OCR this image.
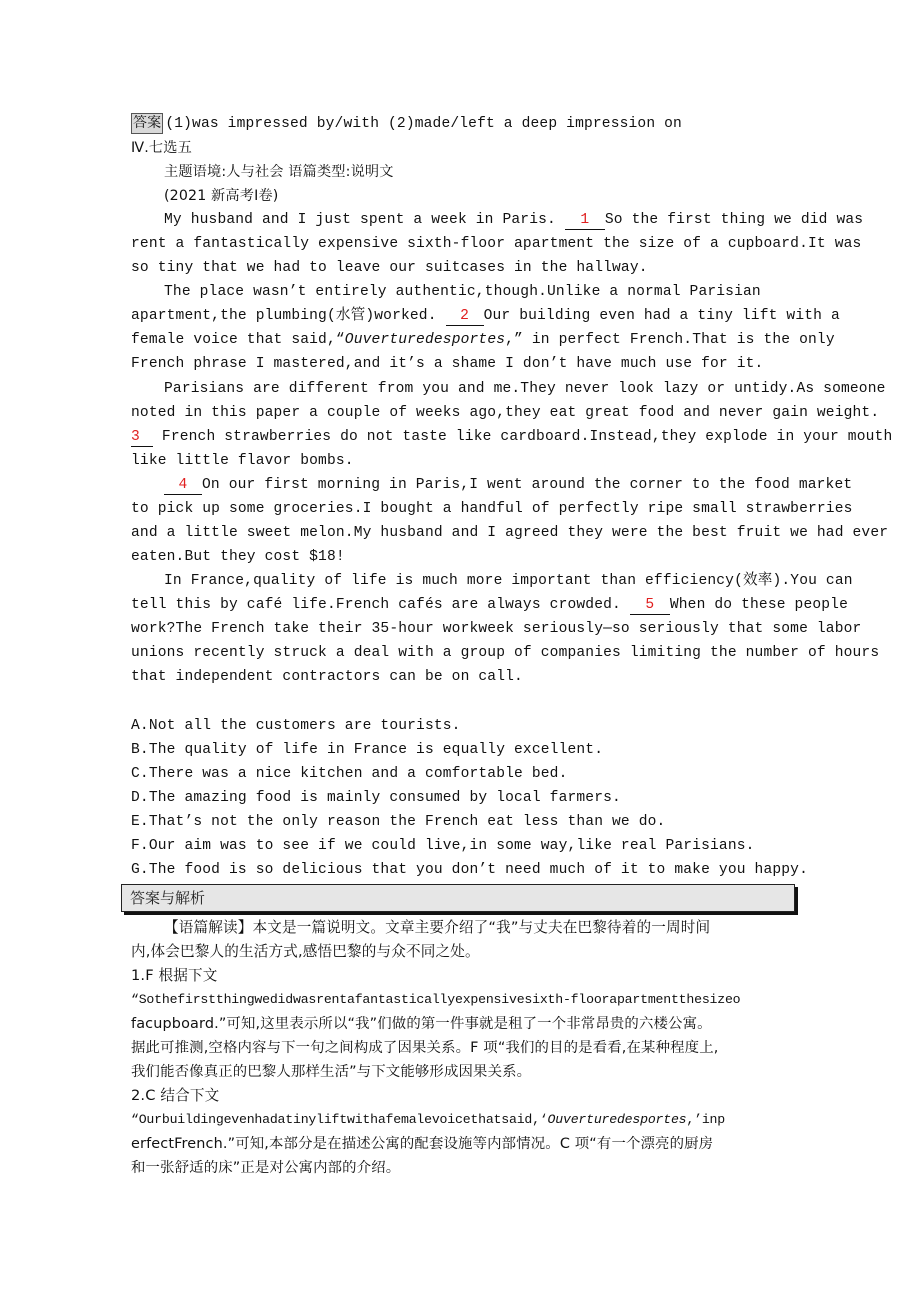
答案 (1)was impressed by/with (2)made/left a deep impression on
Ⅳ.七选五
主题语境:人与社会 语篇类型:说明文
(2021 新高考Ⅰ卷)
My husband and I just spent a week in Paris. 1 So the first thing we did was
rent a fantastically expensive sixth-floor apartment the size of a cupboard.It was
so tiny that we had to leave our suitcases in the hallway.
The place wasn’t entirely authentic,though.Unlike a normal Parisian
apartment,the plumbing(水管)worked. 2 Our building even had a tiny lift with a
female voice that said,“Ouverturedesportes,” in perfect French.That is the only
French phrase I mastered,and it’s a shame I don’t have much use for it.
Parisians are different from you and me.They never look lazy or untidy.As someone
noted in this paper a couple of weeks ago,they eat great food and never gain weight.
3 French strawberries do not taste like cardboard.Instead,they explode in your mouth
like little flavor bombs.
4 On our first morning in Paris,I went around the corner to the food market
to pick up some groceries.I bought a handful of perfectly ripe small strawberries
and a little sweet melon.My husband and I agreed they were the best fruit we had ever
eaten.But they cost $18!
In France,quality of life is much more important than efficiency(效率).You can
tell this by café life.French cafés are always crowded. 5 When do these people
work?The French take their 35-hour workweek seriously—so seriously that some labor
unions recently struck a deal with a group of companies limiting the number of hours
that independent contractors can be on call.
A.Not all the customers are tourists.
B.The quality of life in France is equally excellent.
C.There was a nice kitchen and a comfortable bed.
D.The amazing food is mainly consumed by local farmers.
E.That’s not the only reason the French eat less than we do.
F.Our aim was to see if we could live,in some way,like real Parisians.
G.The food is so delicious that you don’t need much of it to make you happy.
答案与解析
【语篇解读】本文是一篇说明文。文章主要介绍了“我”与丈夫在巴黎待着的一周时间
内,体会巴黎人的生活方式,感悟巴黎的与众不同之处。
1.F 根据下文
“Sothefirstthingwedidwasrentafantasticallyexpensivesixth-floorapartmentthesizeo
facupboard.”可知,这里表示所以“我”们做的第一件事就是租了一个非常昂贵的六楼公寓。
据此可推测,空格内容与下一句之间构成了因果关系。F 项“我们的目的是看看,在某种程度上,
我们能否像真正的巴黎人那样生活”与下文能够形成因果关系。
2.C 结合下文
“Ourbuildingevenhadatinyliftwithafemalevoicethatsaid,‘Ouverturedesportes,’inp
erfectFrench.”可知,本部分是在描述公寓的配套设施等内部情况。C 项“有一个漂亮的厨房
和一张舒适的床”正是对公寓内部的介绍。
